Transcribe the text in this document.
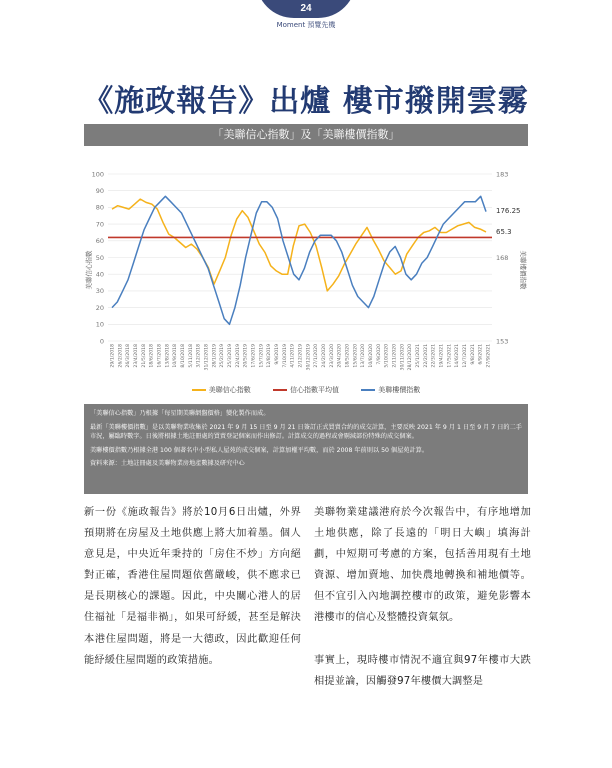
24
Moment 預覽先機
《施政報告》出爐 樓市撥開雲霧
「美聯信心指數」及「美聯樓價指數」
0
10
20
30
40
50
60
70
80
90
100
153
168
183
29/1/2018 26/2/2018 26/3/2018 23/4/2018 21/5/2018 18/6/2018 16/7/2018 13/8/2018 10/9/2018 8/10/2018 5/11/2018 3/12/2018 31/12/2018 28/1/2019 25/2/2019 25/3/2019 22/4/2019 20/5/2019 17/6/2019 15/7/2019 12/8/2019 9/9/2019 7/10/2019 4/11/2019 2/12/2019 30/12/2019 27/1/2020 24/2/2020 23/3/2020 20/4/2020 18/5/2020 15/6/2020 13/7/2020 10/8/2020 7/9/2020 5/10/2020 2/11/2020 30/11/2020 28/12/2020 25/1/2021 22/2/2021 22/3/2021 19/4/2021 17/5/2021 14/6/2021 12/7/2021 9/8/2021 6/9/2021 27/9/2021
美聯信心指數	美聯樓價指數
176.25
65.3
美聯信心指數	信心指數平均值	美聯樓價指數

「美聯信心指數」乃根據「每星期美聯網盤價格」變化製作而成。

最新「美聯樓價指數」是以美聯物業收集於 2021 年 9 月 15 日至 9 月 21 日簽訂正式買賣合約的成交計算，主要反映 2021 年 9 月 1 日至 9 月 7 日的二手市況，屬臨時數字。日後將根據土地註冊處的買賣登記個案而作出修訂。計算成交的過程或會剔減部份特殊的成交個案。

美聯樓價指數乃根據全港 100 個著名中小型私人屋苑的成交個案，計算加權平均數，而於 2008 年前則以 50 個屋苑計算。

資料來源：土地註冊處及美聯物業房地產數據及研究中心

新一份《施政報告》將於10月6日出爐，外界預期將在房屋及土地供應上將大加着墨。個人意見是，中央近年秉持的「房住不炒」方向絕對正確，香港住屋問題依舊嚴峻，供不應求已是長期核心的課題。因此，中央關心港人的居住福祉「是福非禍」，如果可紓緩，甚至是解決本港住屋問題，將是一大德政，因此歡迎任何能紓緩住屋問題的政策措施。

美聯物業建議港府於今次報告中，有序地增加土地供應，除了長遠的「明日大嶼」填海計劃，中短期可考慮的方案，包括善用現有土地資源、增加賣地、加快農地轉換和補地價等。但不宜引入內地調控樓市的政策，避免影響本港樓市的信心及整體投資氣氛。

事實上，現時樓市情況不適宜與97年樓市大跌相提並論，因觸發97年樓價大調整是
